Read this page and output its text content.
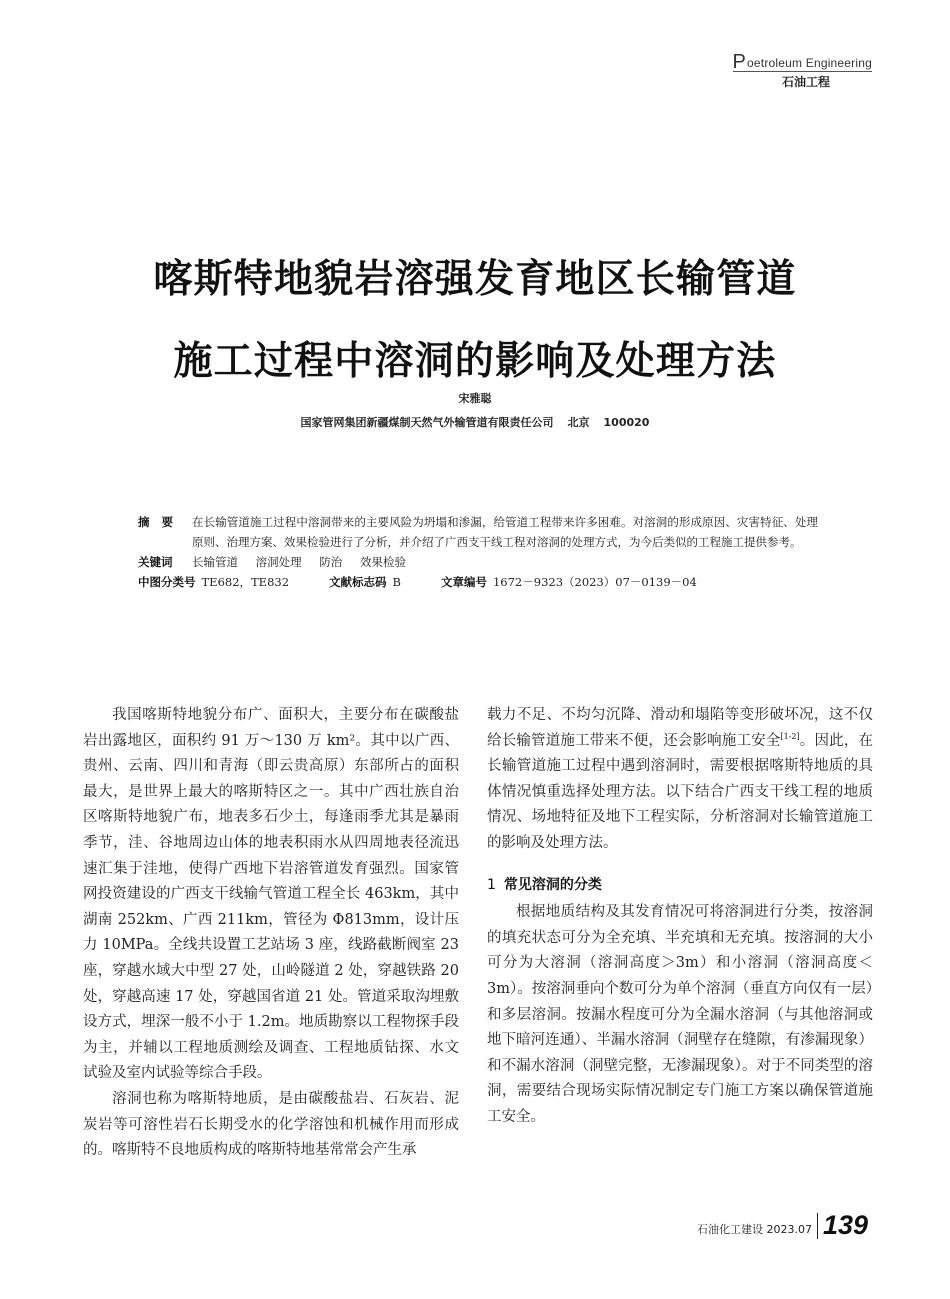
Poetroleum Engineering
石油工程
喀斯特地貌岩溶强发育地区长输管道
施工过程中溶洞的影响及处理方法
宋雅聪
国家管网集团新疆煤制天然气外输管道有限责任公司 北京 100020
摘要 在长输管道施工过程中溶洞带来的主要风险为坍塌和渗漏，给管道工程带来许多困难。对溶洞的形成原因、灾害特征、处理原则、治理方案、效果检验进行了分析，并介绍了广西支干线工程对溶洞的处理方式，为今后类似的工程施工提供参考。
关键词	长输管道 溶洞处理 防治 效果检验
中图分类号 TE682，TE832	文献标志码 B	文章编号 1672－9323（2023）07－0139－04

我国喀斯特地貌分布广、面积大，主要分布在碳酸盐岩出露地区，面积约 91 万～130 万 km²。其中以广西、贵州、云南、四川和青海（即云贵高原）东部所占的面积最大，是世界上最大的喀斯特区之一。其中广西壮族自治区喀斯特地貌广布，地表多石少土，每逢雨季尤其是暴雨季节，洼、谷地周边山体的地表积雨水从四周地表径流迅速汇集于洼地，使得广西地下岩溶管道发育强烈。国家管网投资建设的广西支干线输气管道工程全长 463km，其中湖南 252km、广西 211km，管径为 Φ813mm，设计压力 10MPa。全线共设置工艺站场 3 座，线路截断阀室 23 座，穿越水域大中型 27 处，山岭隧道 2 处，穿越铁路 20 处，穿越高速 17 处，穿越国省道 21 处。管道采取沟埋敷设方式，埋深一般不小于 1.2m。地质勘察以工程物探手段为主，并辅以工程地质测绘及调查、工程地质钻探、水文试验及室内试验等综合手段。

溶洞也称为喀斯特地质，是由碳酸盐岩、石灰岩、泥炭岩等可溶性岩石长期受水的化学溶蚀和机械作用而形成的。喀斯特不良地质构成的喀斯特地基常常会产生承

载力不足、不均匀沉降、滑动和塌陷等变形破坏况，这不仅给长输管道施工带来不便，还会影响施工安全[1-2]。因此，在长输管道施工过程中遇到溶洞时，需要根据喀斯特地质的具体情况慎重选择处理方法。以下结合广西支干线工程的地质情况、场地特征及地下工程实际，分析溶洞对长输管道施工的影响及处理方法。

1 常见溶洞的分类

根据地质结构及其发育情况可将溶洞进行分类，按溶洞的填充状态可分为全充填、半充填和无充填。按溶洞的大小可分为大溶洞（溶洞高度＞3m）和小溶洞（溶洞高度＜3m）。按溶洞垂向个数可分为单个溶洞（垂直方向仅有一层）和多层溶洞。按漏水程度可分为全漏水溶洞（与其他溶洞或地下暗河连通）、半漏水溶洞（洞壁存在缝隙，有渗漏现象）和不漏水溶洞（洞壁完整，无渗漏现象）。对于不同类型的溶洞，需要结合现场实际情况制定专门施工方案以确保管道施工安全。

石油化工建设 2023.07 139
